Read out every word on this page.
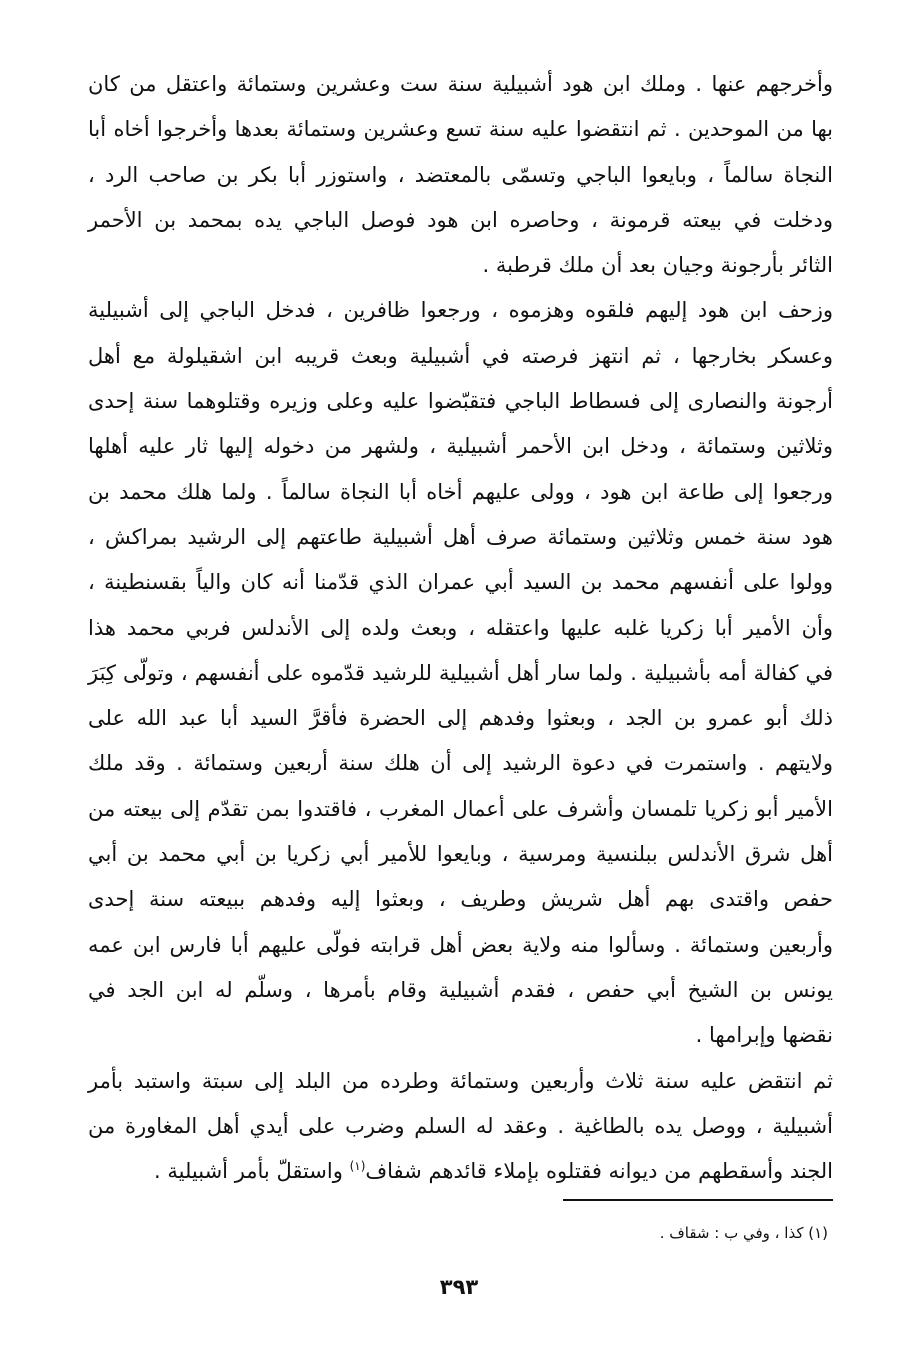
وأخرجهم عنها . وملك ابن هود أشبيلية سنة ست وعشرين وستمائة واعتقل من كان
بها من الموحدين . ثم انتقضوا عليه سنة تسع وعشرين وستمائة بعدها وأخرجوا أخاه أبا
النجاة سالماً ، وبايعوا الباجي وتسمّى بالمعتضد ، واستوزر أبا بكر بن صاحب الرد ،
ودخلت في بيعته قرمونة ، وحاصره ابن هود فوصل الباجي يده بمحمد بن الأحمر
الثائر بأرجونة وجيان بعد أن ملك قرطبة .
وزحف ابن هود إليهم فلقوه وهزموه ، ورجعوا ظافرين ، فدخل الباجي إلى أشبيلية
وعسكر بخارجها ، ثم انتهز فرصته في أشبيلية وبعث قريبه ابن اشقيلولة مع أهل
أرجونة والنصارى إلى فسطاط الباجي فتقبّضوا عليه وعلى وزيره وقتلوهما سنة إحدى
وثلاثين وستمائة ، ودخل ابن الأحمر أشبيلية ، ولشهر من دخوله إليها ثار عليه أهلها
ورجعوا إلى طاعة ابن هود ، وولى عليهم أخاه أبا النجاة سالماً . ولما هلك محمد بن
هود سنة خمس وثلاثين وستمائة صرف أهل أشبيلية طاعتهم إلى الرشيد بمراكش ،
وولوا على أنفسهم محمد بن السيد أبي عمران الذي قدّمنا أنه كان والياً بقسنطينة ،
وأن الأمير أبا زكريا غلبه عليها واعتقله ، وبعث ولده إلى الأندلس فربي محمد هذا
في كفالة أمه بأشبيلية . ولما سار أهل أشبيلية للرشيد قدّموه على أنفسهم ، وتولّى كِبَرَ
ذلك أبو عمرو بن الجد ، وبعثوا وفدهم إلى الحضرة فأقرَّ السيد أبا عبد الله على
ولايتهم . واستمرت في دعوة الرشيد إلى أن هلك سنة أربعين وستمائة . وقد ملك
الأمير أبو زكريا تلمسان وأشرف على أعمال المغرب ، فاقتدوا بمن تقدّم إلى بيعته من
أهل شرق الأندلس ببلنسية ومرسية ، وبايعوا للأمير أبي زكريا بن أبي محمد بن أبي
حفص واقتدى بهم أهل شريش وطريف ، وبعثوا إليه وفدهم ببيعته سنة إحدى
وأربعين وستمائة . وسألوا منه ولاية بعض أهل قرابته فولّى عليهم أبا فارس ابن عمه
يونس بن الشيخ أبي حفص ، فقدم أشبيلية وقام بأمرها ، وسلّم له ابن الجد في
نقضها وإبرامها .
ثم انتقض عليه سنة ثلاث وأربعين وستمائة وطرده من البلد إلى سبتة واستبد بأمر
أشبيلية ، ووصل يده بالطاغية . وعقد له السلم وضرب على أيدي أهل المغاورة من
الجند وأسقطهم من ديوانه فقتلوه بإملاء قائدهم شفاف$^{(١)}$ واستقلّ بأمر أشبيلية .
(١) كذا ، وفي ب : شقاف .
٣٩٣
